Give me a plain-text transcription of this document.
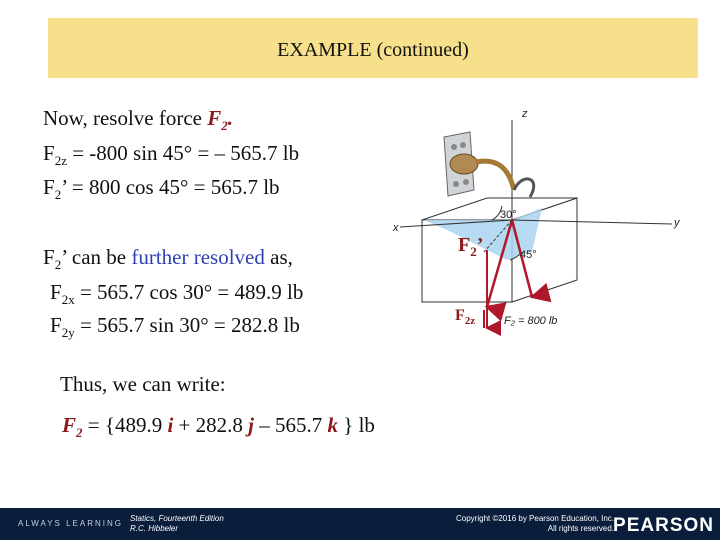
EXAMPLE (continued)
Now, resolve force $F_2$.
$F_{2z} = -800$ sin 45° = – 565.7 lb
$F_2$’ = 800 cos 45° = 565.7 lb
$F_2$’ can be further resolved as,
$F_{2x} = 565.7$ cos 30° = 489.9 lb
$F_{2y} = 565.7$ sin 30° = 282.8 lb
Thus, we can write:
$F_2 = \{489.9$ i + 282.8 j – 565.7 k } lb
$F_2$’
$F_{2z}$
30°
45°
F₂ = 800 lb
z
y
x
ALWAYS LEARNING
Statics, Fourteenth Edition
R.C. Hibbeler
Copyright ©2016 by Pearson Education, Inc.
All rights reserved. PEARSON
